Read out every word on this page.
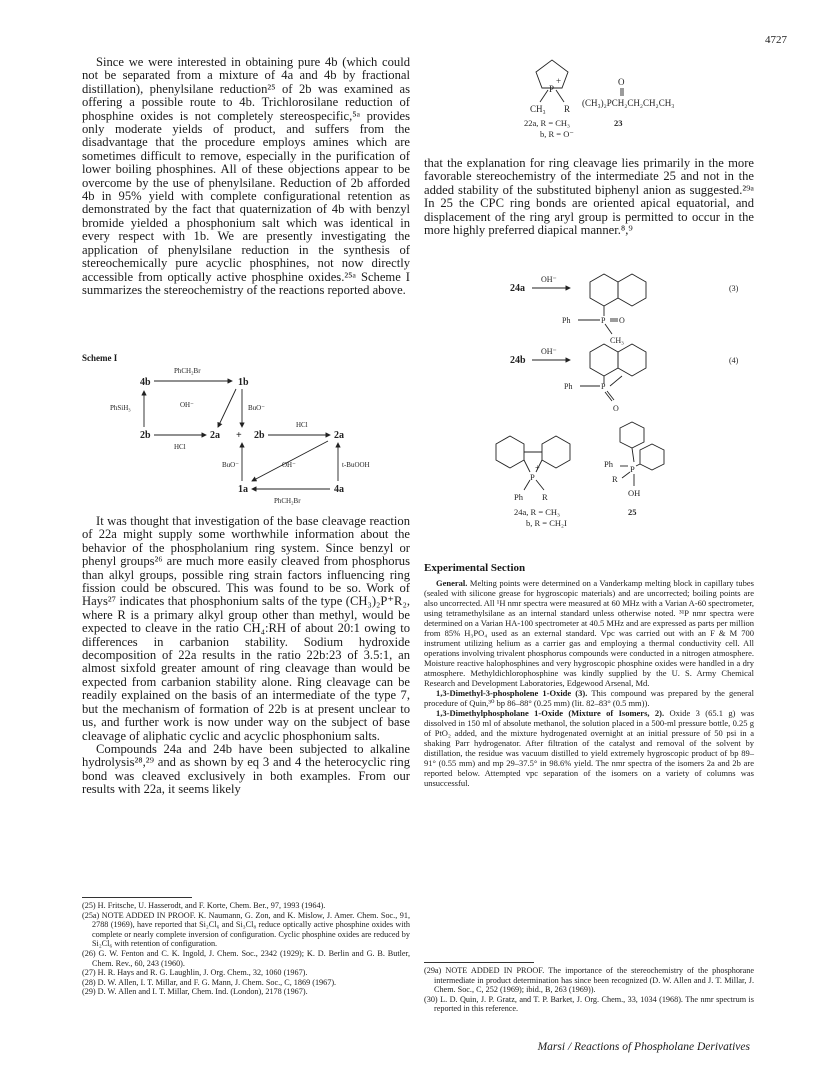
4727

Since we were interested in obtaining pure 4b (which could not be separated from a mixture of 4a and 4b by fractional distillation), phenylsilane reduction²⁵ of 2b was examined as offering a possible route to 4b. Trichlorosilane reduction of phosphine oxides is not completely stereospecific,⁵ᵃ provides only moderate yields of product, and suffers from the disadvantage that the procedure employs amines which are sometimes difficult to remove, especially in the purification of lower boiling phosphines. All of these objections appear to be overcome by the use of phenylsilane. Reduction of 2b afforded 4b in 95% yield with complete configurational retention as demonstrated by the fact that quaternization of 4b with benzyl bromide yielded a phosphonium salt which was identical in every respect with 1b. We are presently investigating the application of phenylsilane reduction in the synthesis of stereochemically pure acyclic phosphines, not now directly accessible from optically active phosphine oxides.²⁵ᵃ Scheme I summarizes the stereochemistry of the reactions reported above.

Scheme I
4b	1b
2b	2a + 2b	2a
1a	4a
PhCH₂Br
PhSiH₃	OH⁻	BuO⁻
HCl
HCl
BuO⁻	OH⁻	t-BuOOH
PhCH₂Br

It was thought that investigation of the base cleavage reaction of 22a might supply some worthwhile information about the behavior of the phospholanium ring system. Since benzyl or phenyl groups²⁶ are much more easily cleaved from phosphorus than alkyl groups, possible ring strain factors influencing ring fission could be obscured. This was found to be so. Work of Hays²⁷ indicates that phosphonium salts of the type (CH₃)₂P⁺R₂, where R is a primary alkyl group other than methyl, would be expected to cleave in the ratio CH₄:RH of about 20:1 owing to differences in carbanion stability. Sodium hydroxide decomposition of 22a results in the ratio 22b:23 of 3.5:1, an almost sixfold greater amount of ring cleavage than would be expected from carbanion stability alone. Ring cleavage can be readily explained on the basis of an intermediate of the type 7, but the mechanism of formation of 22b is at present unclear to us, and further work is now under way on the subject of base cleavage of aliphatic cyclic and acyclic phosphonium salts.

Compounds 24a and 24b have been subjected to alkaline hydrolysis²⁸,²⁹ and as shown by eq 3 and 4 the heterocyclic ring bond was cleaved exclusively in both examples. From our results with 22a, it seems likely

(25) H. Fritsche, U. Hasserodt, and F. Korte, Chem. Ber., 97, 1993 (1964).

(25a) NOTE ADDED IN PROOF. K. Naumann, G. Zon, and K. Mislow, J. Amer. Chem. Soc., 91, 2788 (1969), have reported that Si₂Cl₆ and Si₃Cl₈ reduce optically active phosphine oxides with complete or nearly complete inversion of configuration. Cyclic phosphine oxides are reduced by Si₂Cl₆ with retention of configuration.

(26) G. W. Fenton and C. K. Ingold, J. Chem. Soc., 2342 (1929); K. D. Berlin and G. B. Butler, Chem. Rev., 60, 243 (1960).

(27) H. R. Hays and R. G. Laughlin, J. Org. Chem., 32, 1060 (1967).

(28) D. W. Allen, I. T. Millar, and F. G. Mann, J. Chem. Soc., C, 1869 (1967).

(29) D. W. Allen and I. T. Millar, Chem. Ind. (London), 2178 (1967).

+
P
CH₃ R
O
(CH₃)₂PCH₂CH₂CH₂CH₃
22a, R = CH₃
b, R = O⁻
23

that the explanation for ring cleavage lies primarily in the more favorable stereochemistry of the intermediate 25 and not in the added stability of the substituted biphenyl anion as suggested.²⁹ᵃ In 25 the CPC ring bonds are oriented apical equatorial, and displacement of the ring aryl group is permitted to occur in the more highly preferred diapical manner.⁸,⁹

24a
24b
OH⁻
Ph	P O
CH₃
(3)
OH⁻
Ph	P
O
(4)
+
P
Ph R
24a, R = CH₃
b, R = CH₂I
Ph P
R
OH
25
Experimental Section

General. Melting points were determined on a Vanderkamp melting block in capillary tubes (sealed with silicone grease for hygroscopic materials) and are uncorrected; boiling points are also uncorrected. All ¹H nmr spectra were measured at 60 MHz with a Varian A-60 spectrometer, using tetramethylsilane as an internal standard unless otherwise noted. ³¹P nmr spectra were determined on a Varian HA-100 spectrometer at 40.5 MHz and are expressed as parts per million from 85% H₃PO₄ used as an external standard. Vpc was carried out with an F & M 700 instrument utilizing helium as a carrier gas and employing a thermal conductivity cell. All operations involving trivalent phosphorus compounds were conducted in a nitrogen atmosphere. Moisture reactive halophosphines and very hygroscopic phosphine oxides were handled in a dry atmosphere. Methyldichlorophosphine was kindly supplied by the U. S. Army Chemical Research and Development Laboratories, Edgewood Arsenal, Md.

1,3-Dimethyl-3-phospholene 1-Oxide (3). This compound was prepared by the general procedure of Quin,³⁰ bp 86–88° (0.25 mm) (lit. 82–83° (0.5 mm)).

1,3-Dimethylphospholane 1-Oxide (Mixture of Isomers, 2). Oxide 3 (65.1 g) was dissolved in 150 ml of absolute methanol, the solution placed in a 500-ml pressure bottle, 0.25 g of PtO₂ added, and the mixture hydrogenated overnight at an initial pressure of 50 psi in a shaking Parr hydrogenator. After filtration of the catalyst and removal of the solvent by distillation, the residue was vacuum distilled to yield extremely hygroscopic product of bp 89–91° (0.55 mm) and mp 29–37.5° in 98.6% yield. The nmr spectra of the isomers 2a and 2b are reported below. Attempted vpc separation of the isomers on a variety of columns was unsuccessful.

(29a) NOTE ADDED IN PROOF. The importance of the stereochemistry of the phosphorane intermediate in product determination has since been recognized (D. W. Allen and J. T. Millar, J. Chem. Soc., C, 252 (1969); ibid., B, 263 (1969)).

(30) L. D. Quin, J. P. Gratz, and T. P. Barket, J. Org. Chem., 33, 1034 (1968). The nmr spectrum is reported in this reference.

Marsi / Reactions of Phospholane Derivatives
